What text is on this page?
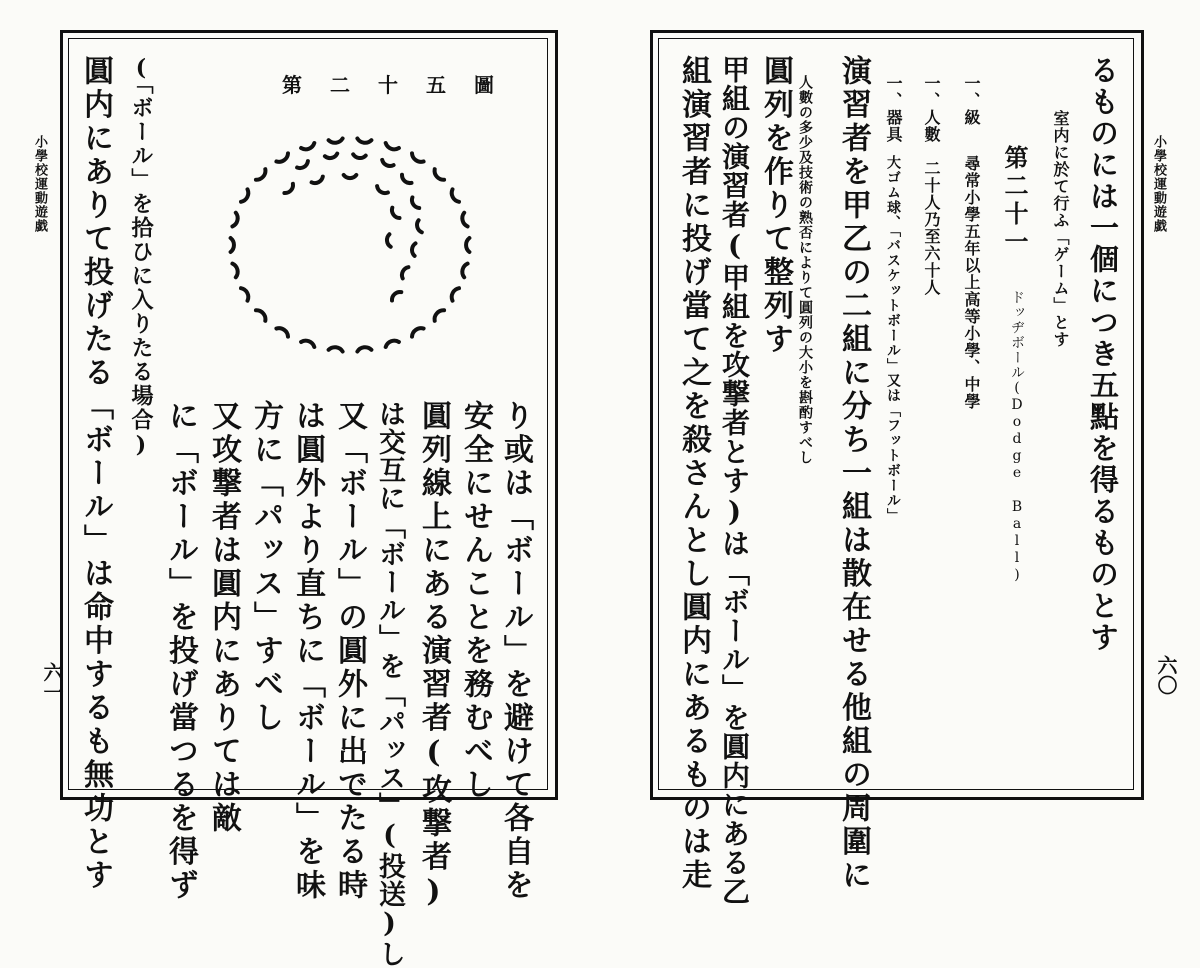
小學校運動遊戯
六一
第二十五圖
圓内にありて投げたる「ボール」は命中するも無功とす (「ボール」を拾ひに入りたる場合)
に「ボール」を投げ當つるを得ず 又攻撃者は圓内にありては敵 方に「パッス」すべし は圓外より直ちに「ボール」を味 又「ボール」の圓外に出でたる時 は交互に「ボール」を「パッス」(投送)し 圓列線上にある演習者(攻撃者) 安全にせんことを務むべし り或は「ボール」を避けて各自を
小學校運動遊戯
六〇
るものには一個につき五點を得るものとす
室内に於て行ふ「ゲーム」とす
第二十一
ドッヂボール(Dodge Ball)
一、級
尋常小學五年以上高等小學、中學
一、人數
二十人乃至六十人
一、器具
大ゴム球、「バスケットボール」又は「フットボール」
人數の多少及技術の熟否によりて圓列の大小を斟酌すべし 演習者を甲乙の二組に分ち一組は散在せる他組の周圍に
圓列を作りて整列す
甲組の演習者(甲組を攻撃者とす)は「ボール」を圓内にある乙
組演習者に投げ當て之を殺さんとし圓内にあるものは走
